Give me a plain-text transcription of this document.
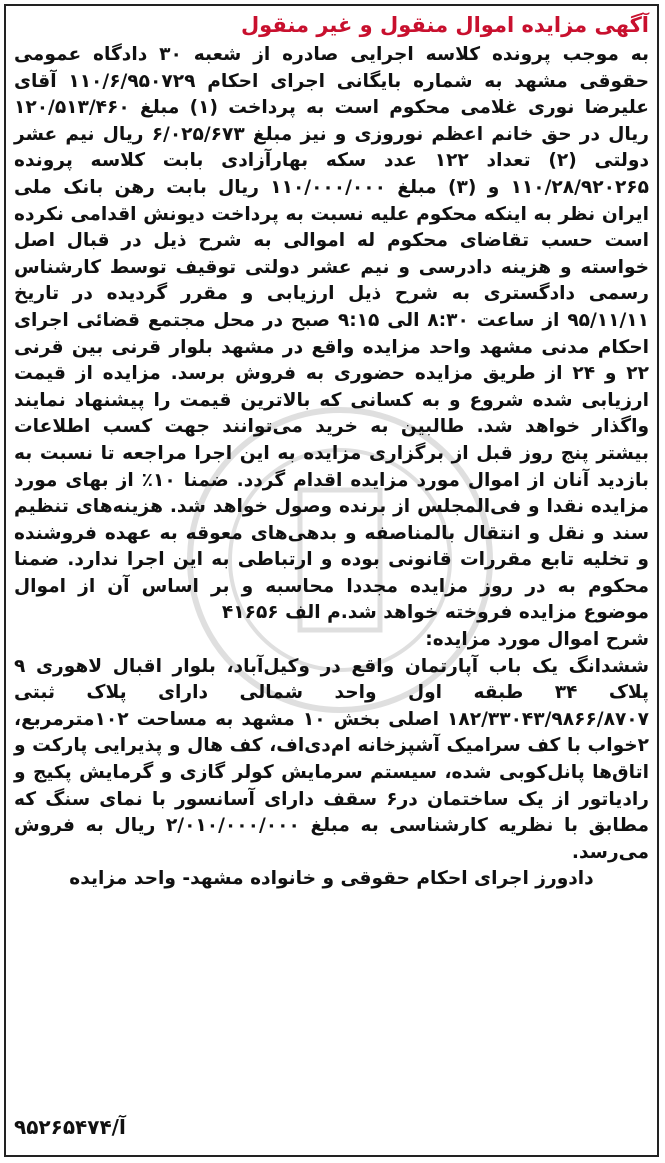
آگهی مزایده اموال منقول و غیر منقول

به موجب پرونده کلاسه اجرایی صادره از شعبه ۳۰ دادگاه عمومی حقوقی مشهد به شماره بایگانی اجرای احکام ۱۱۰/۶/۹۵۰۷۲۹ آقای علیرضا نوری غلامی محکوم است به پرداخت (۱) مبلغ ۱۲۰/۵۱۳/۴۶۰ ریال در حق خانم اعظم نوروزی و نیز مبلغ ۶/۰۲۵/۶۷۳ ریال نیم عشر دولتی (۲) تعداد ۱۲۲ عدد سکه بهارآزادی بابت کلاسه پرونده ۱۱۰/۲۸/۹۲۰۲۶۵ و (۳) مبلغ ۱۱۰/۰۰۰/۰۰۰ ریال بابت رهن بانک ملی ایران نظر به اینکه محکوم علیه نسبت به پرداخت دیونش اقدامی نکرده است حسب تقاضای محکوم له اموالی به شرح ذیل در قبال اصل خواسته و هزینه دادرسی و نیم عشر دولتی توقیف توسط کارشناس رسمی دادگستری به شرح ذیل ارزیابی و مقرر گردیده در تاریخ ۹۵/۱۱/۱۱ از ساعت ۸:۳۰ الی ۹:۱۵ صبح در محل مجتمع قضائی اجرای احکام مدنی مشهد واحد مزایده واقع در مشهد بلوار قرنی بین قرنی ۲۲ و ۲۴ از طریق مزایده حضوری به فروش برسد. مزایده از قیمت ارزیابی شده شروع و به کسانی که بالاترین قیمت را پیشنهاد نمایند واگذار خواهد شد. طالبین به خرید می‌توانند جهت کسب اطلاعات بیشتر پنج روز قبل از برگزاری مزایده به این اجرا مراجعه تا نسبت به بازدید آنان از اموال مورد مزایده اقدام گردد. ضمنا ۱۰٪ از بهای مورد مزایده نقدا و فی‌المجلس از برنده وصول خواهد شد. هزینه‌های تنظیم سند و نقل و انتقال بالمناصفه و بدهی‌های معوقه به عهده فروشنده و تخلیه تابع مقررات قانونی بوده و ارتباطی به این اجرا ندارد. ضمنا محکوم به در روز مزایده مجددا محاسبه و بر اساس آن از اموال موضوع مزایده فروخته خواهد شد.م الف ۴۱۶۵۶

شرح اموال مورد مزایده:

ششدانگ یک باب آپارتمان واقع در وکیل‌آباد، بلوار اقبال لاهوری ۹ پلاک ۳۴ طبقه اول واحد شمالی دارای پلاک ثبتی ۱۸۲/۳۳۰۴۳/۹۸۶۶/۸۷۰۷ اصلی بخش ۱۰ مشهد به مساحت ۱۰۲مترمربع، ۲خواب با کف سرامیک آشپزخانه ام‌دی‌اف، کف هال و پذیرایی پارکت و اتاق‌ها پانل‌کوبی شده، سیستم سرمایش کولر گازی و گرمایش پکیج و رادیاتور از یک ساختمان در۶ سقف دارای آسانسور با نمای سنگ که مطابق با نظریه کارشناسی به مبلغ ۲/۰۱۰/۰۰۰/۰۰۰ ریال به فروش می‌رسد.

دادورز اجرای احکام حقوقی و خانواده مشهد- واحد مزایده

آ/۹۵۲۶۵۴۷۴
